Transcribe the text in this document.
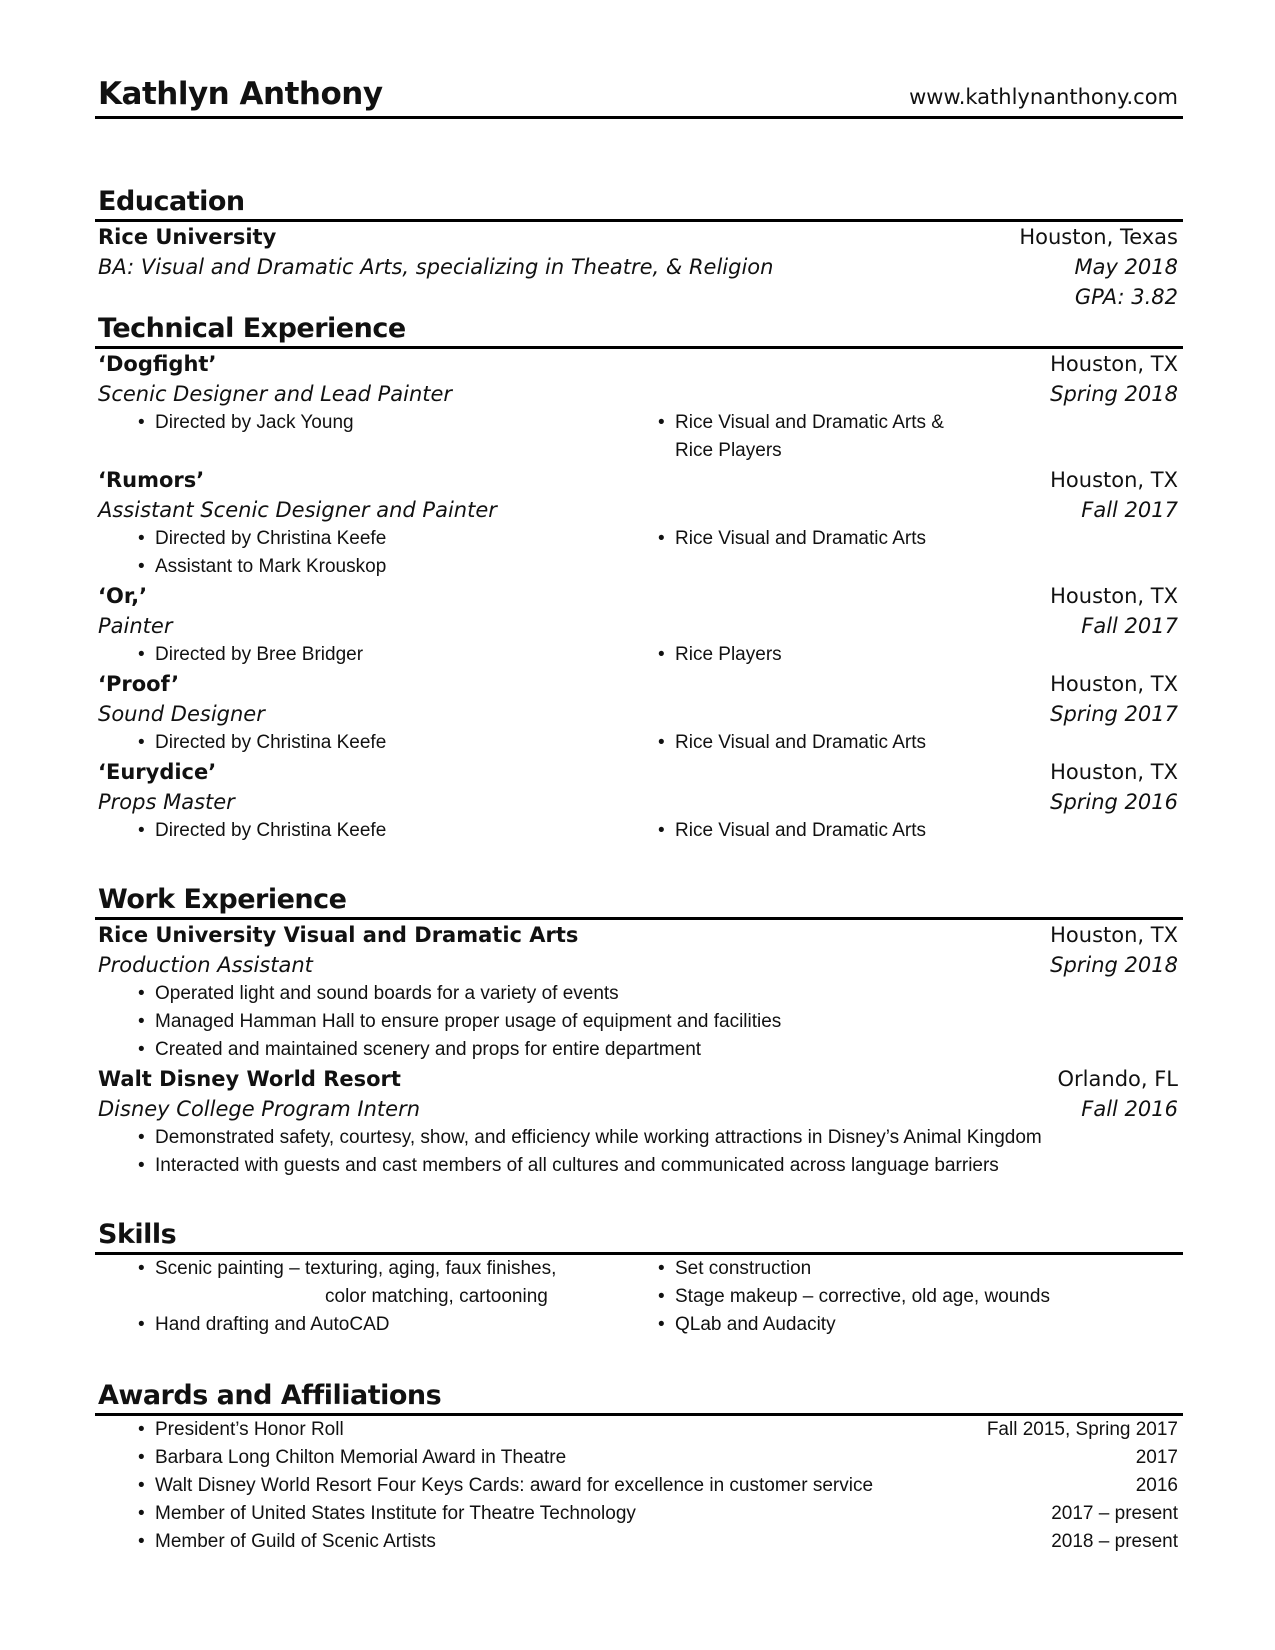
Kathlyn Anthony	www.kathlynanthony.com
Education
Rice University	Houston, Texas
BA: Visual and Dramatic Arts, specializing in Theatre, & Religion	May 2018
GPA: 3.82
Technical Experience
‘Dogfight’	Houston, TX
Scenic Designer and Lead Painter	Spring 2018
• Directed by Jack Young	• Rice Visual and Dramatic Arts &
Rice Players
‘Rumors’	Houston, TX
Assistant Scenic Designer and Painter	Fall 2017
• Directed by Christina Keefe	• Rice Visual and Dramatic Arts
• Assistant to Mark Krouskop
‘Or,’	Houston, TX
Painter	Fall 2017
• Directed by Bree Bridger	• Rice Players
‘Proof’	Houston, TX
Sound Designer	Spring 2017
• Directed by Christina Keefe	• Rice Visual and Dramatic Arts
‘Eurydice’	Houston, TX
Props Master	Spring 2016
• Directed by Christina Keefe	• Rice Visual and Dramatic Arts
Work Experience
Rice University Visual and Dramatic Arts	Houston, TX
Production Assistant	Spring 2018
• Operated light and sound boards for a variety of events
• Managed Hamman Hall to ensure proper usage of equipment and facilities
• Created and maintained scenery and props for entire department
Walt Disney World Resort	Orlando, FL
Disney College Program Intern	Fall 2016
• Demonstrated safety, courtesy, show, and efficiency while working attractions in Disney’s Animal Kingdom
• Interacted with guests and cast members of all cultures and communicated across language barriers
Skills
• Scenic painting – texturing, aging, faux finishes,	• Set construction
color matching, cartooning	• Stage makeup – corrective, old age, wounds
• Hand drafting and AutoCAD	• QLab and Audacity
Awards and Affiliations
• President’s Honor Roll	Fall 2015, Spring 2017
• Barbara Long Chilton Memorial Award in Theatre	2017
• Walt Disney World Resort Four Keys Cards: award for excellence in customer service	2016
• Member of United States Institute for Theatre Technology	2017 – present
• Member of Guild of Scenic Artists	2018 – present
